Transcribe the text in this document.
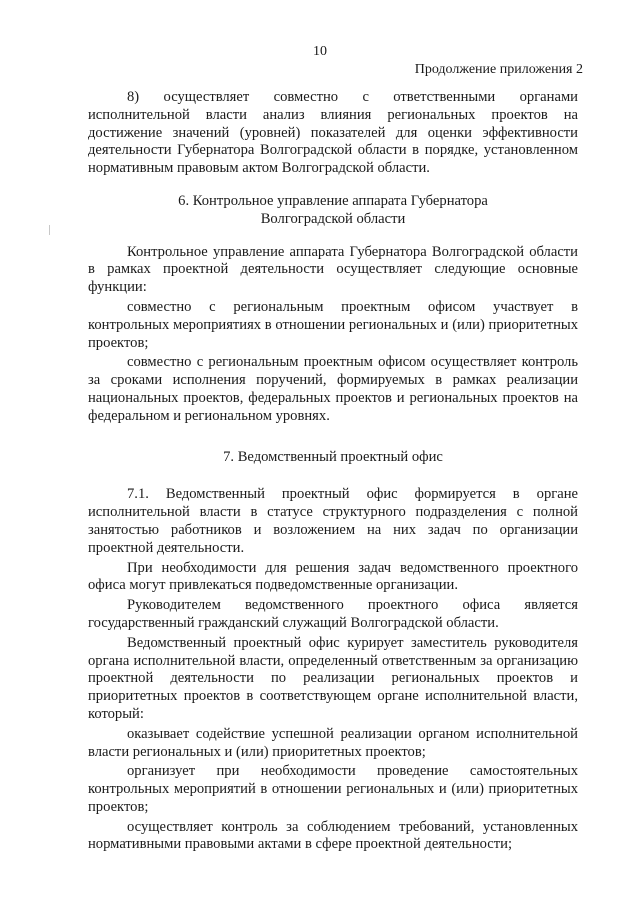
10
Продолжение приложения 2

8) осуществляет совместно с ответственными органами исполнительной власти анализ влияния региональных проектов на достижение значений (уровней) показателей для оценки эффективности деятельности Губернатора Волгоградской области в порядке, установленном нормативным правовым актом Волгоградской области.

6. Контрольное управление аппарата Губернатора
Волгоградской области

Контрольное управление аппарата Губернатора Волгоградской области в рамках проектной деятельности осуществляет следующие основные функции:

совместно с региональным проектным офисом участвует в контрольных мероприятиях в отношении региональных и (или) приоритетных проектов;

совместно с региональным проектным офисом осуществляет контроль за сроками исполнения поручений, формируемых в рамках реализации национальных проектов, федеральных проектов и региональных проектов на федеральном и региональном уровнях.

7. Ведомственный проектный офис

7.1. Ведомственный проектный офис формируется в органе исполнительной власти в статусе структурного подразделения с полной занятостью работников и возложением на них задач по организации проектной деятельности.

При необходимости для решения задач ведомственного проектного офиса могут привлекаться подведомственные организации.

Руководителем ведомственного проектного офиса является государственный гражданский служащий Волгоградской области.

Ведомственный проектный офис курирует заместитель руководителя органа исполнительной власти, определенный ответственным за организацию проектной деятельности по реализации региональных проектов и приоритетных проектов в соответствующем органе исполнительной власти, который:

оказывает содействие успешной реализации органом исполнительной власти региональных и (или) приоритетных проектов;

организует при необходимости проведение самостоятельных контрольных мероприятий в отношении региональных и (или) приоритетных проектов;

осуществляет контроль за соблюдением требований, установленных нормативными правовыми актами в сфере проектной деятельности;
